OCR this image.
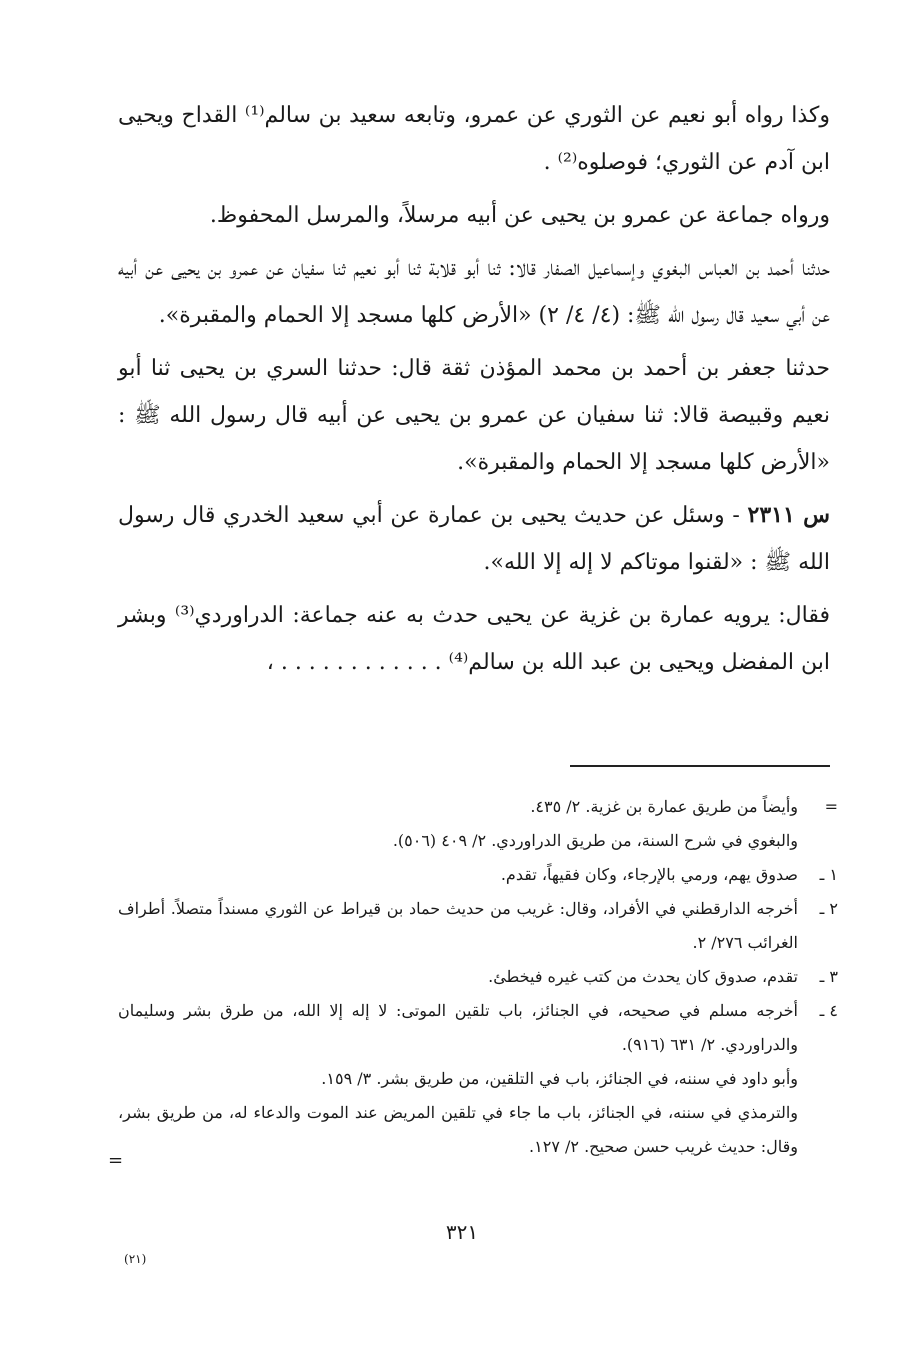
وكذا رواه أبو نعيم عن الثوري عن عمرو، وتابعه سعيد بن سالم⁽¹⁾ القداح ويحيى ابن آدم عن الثوري؛ فوصلوه⁽²⁾ .

ورواه جماعة عن عمرو بن يحيى عن أبيه مرسلاً، والمرسل المحفوظ.

حدثنا أحمد بن العباس البغوي وإسماعيل الصفار قالا: ثنا أبو قلابة ثنا أبو نعيم ثنا سفيان عن عمرو بن يحيى عن أبيه عن أبي سعيد قال رسول الله ﷺ: (٤/ ٤/ ٢) «الأرض كلها مسجد إلا الحمام والمقبرة».

حدثنا جعفر بن أحمد بن محمد المؤذن ثقة قال: حدثنا السري بن يحيى ثنا أبو نعيم وقبيصة قالا: ثنا سفيان عن عمرو بن يحيى عن أبيه قال رسول الله ﷺ : «الأرض كلها مسجد إلا الحمام والمقبرة».

س ٢٣١١ - وسئل عن حديث يحيى بن عمارة عن أبي سعيد الخدري قال رسول الله ﷺ : «لقنوا موتاكم لا إله إلا الله».

فقال: يرويه عمارة بن غزية عن يحيى حدث به عنه جماعة: الدراوردي⁽³⁾ وبشر ابن المفضل ويحيى بن عبد الله بن سالم⁽⁴⁾ . . . . . . . . . . . . ،

=
وأيضاً من طريق عمارة بن غزية. ٢/ ٤٣٥.
والبغوي في شرح السنة، من طريق الدراوردي. ٢/ ٤٠٩ (٥٠٦).
١ ـ
صدوق يهم، ورمي بالإرجاء، وكان فقيهاً، تقدم.
٢ ـ
أخرجه الدارقطني في الأفراد، وقال: غريب من حديث حماد بن قيراط عن الثوري مسنداً متصلاً. أطراف الغرائب ٢٧٦/ ٢.
٣ ـ
تقدم، صدوق كان يحدث من كتب غيره فيخطئ.
٤ ـ
أخرجه مسلم في صحيحه، في الجنائز، باب تلقين الموتى: لا إله إلا الله، من طرق بشر وسليمان والدراوردي. ٢/ ٦٣١ (٩١٦).
وأبو داود في سننه، في الجنائز، باب في التلقين، من طريق بشر. ٣/ ١٥٩.
والترمذي في سننه، في الجنائز، باب ما جاء في تلقين المريض عند الموت والدعاء له، من طريق بشر، وقال: حديث غريب حسن صحيح. ٢/ ١٢٧.
=
٣٢١
(٢١)
